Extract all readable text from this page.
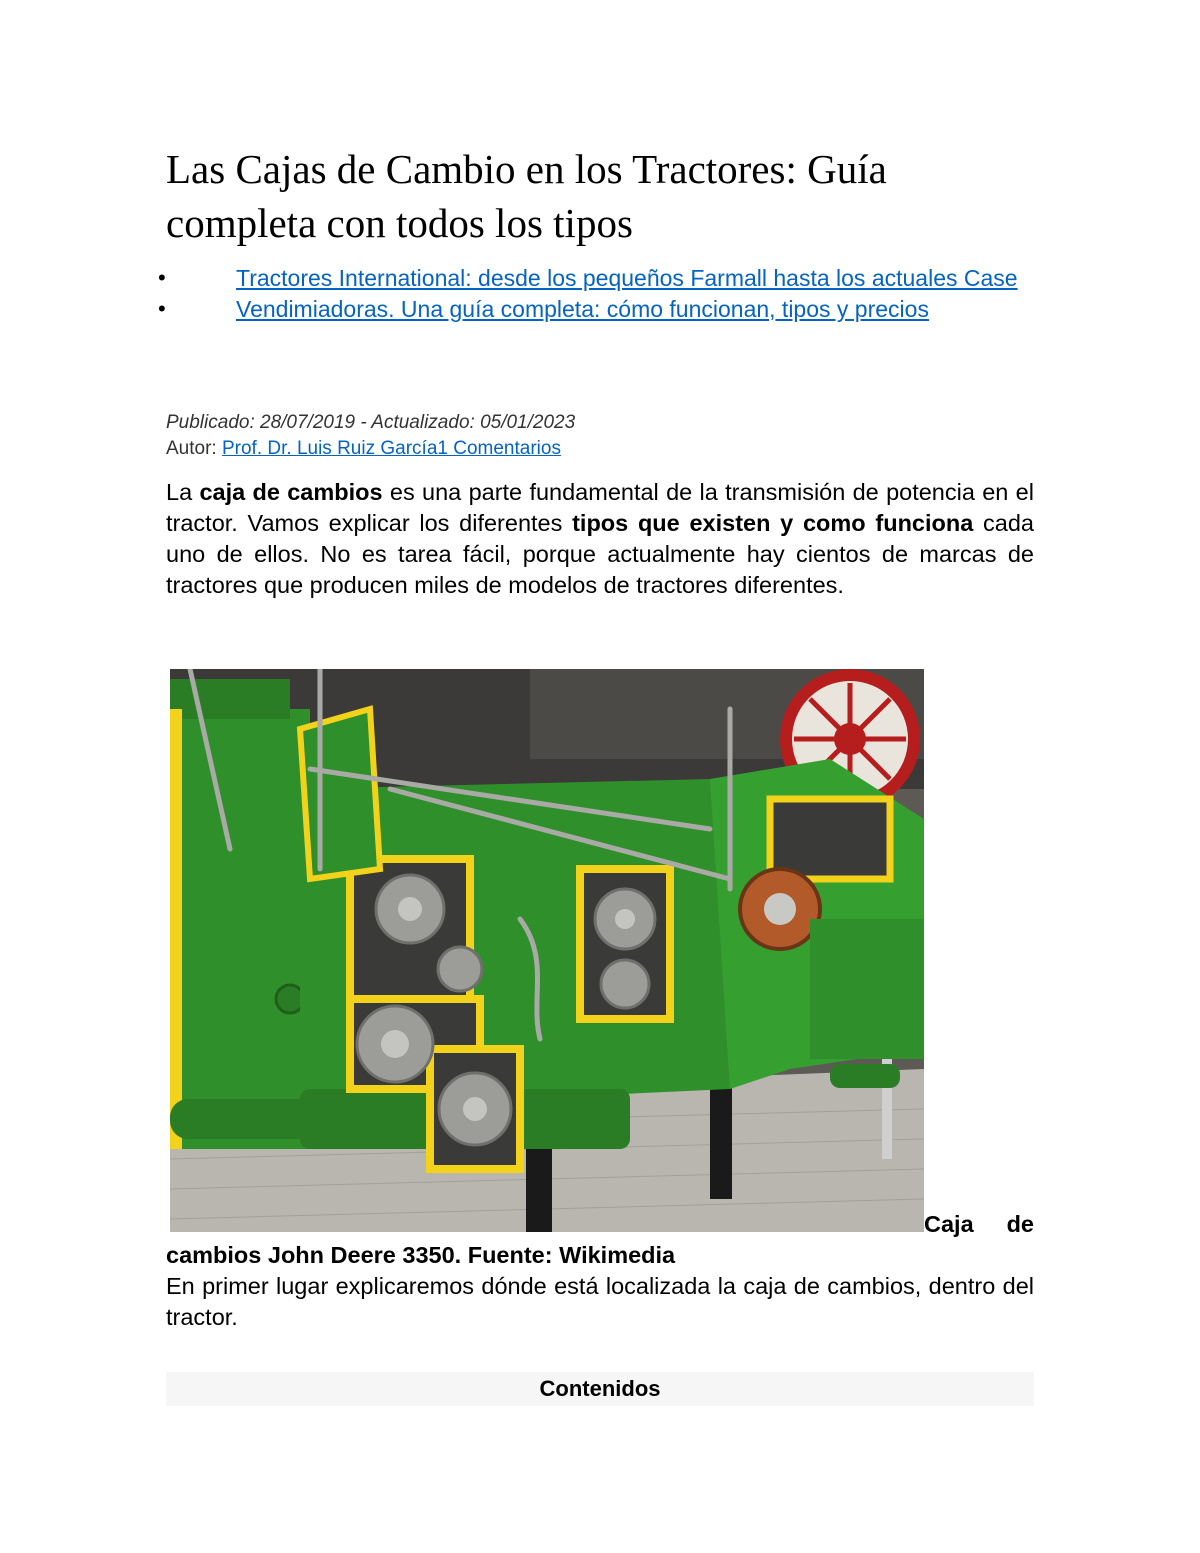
Las Cajas de Cambio en los Tractores: Guía completa con todos los tipos
•	Tractores International: desde los pequeños Farmall hasta los actuales Case
•	Vendimiadoras. Una guía completa: cómo funcionan, tipos y precios
Publicado: 28/07/2019 - Actualizado: 05/01/2023
Autor: Prof. Dr. Luis Ruiz García1 Comentarios

La caja de cambios es una parte fundamental de la transmisión de potencia en el tractor. Vamos explicar los diferentes tipos que existen y como funciona cada uno de ellos. No es tarea fácil, porque actualmente hay cientos de marcas de tractores que producen miles de modelos de tractores diferentes.

Caja de
cambios John Deere 3350. Fuente: Wikimedia

En primer lugar explicaremos dónde está localizada la caja de cambios, dentro del tractor.

Contenidos
